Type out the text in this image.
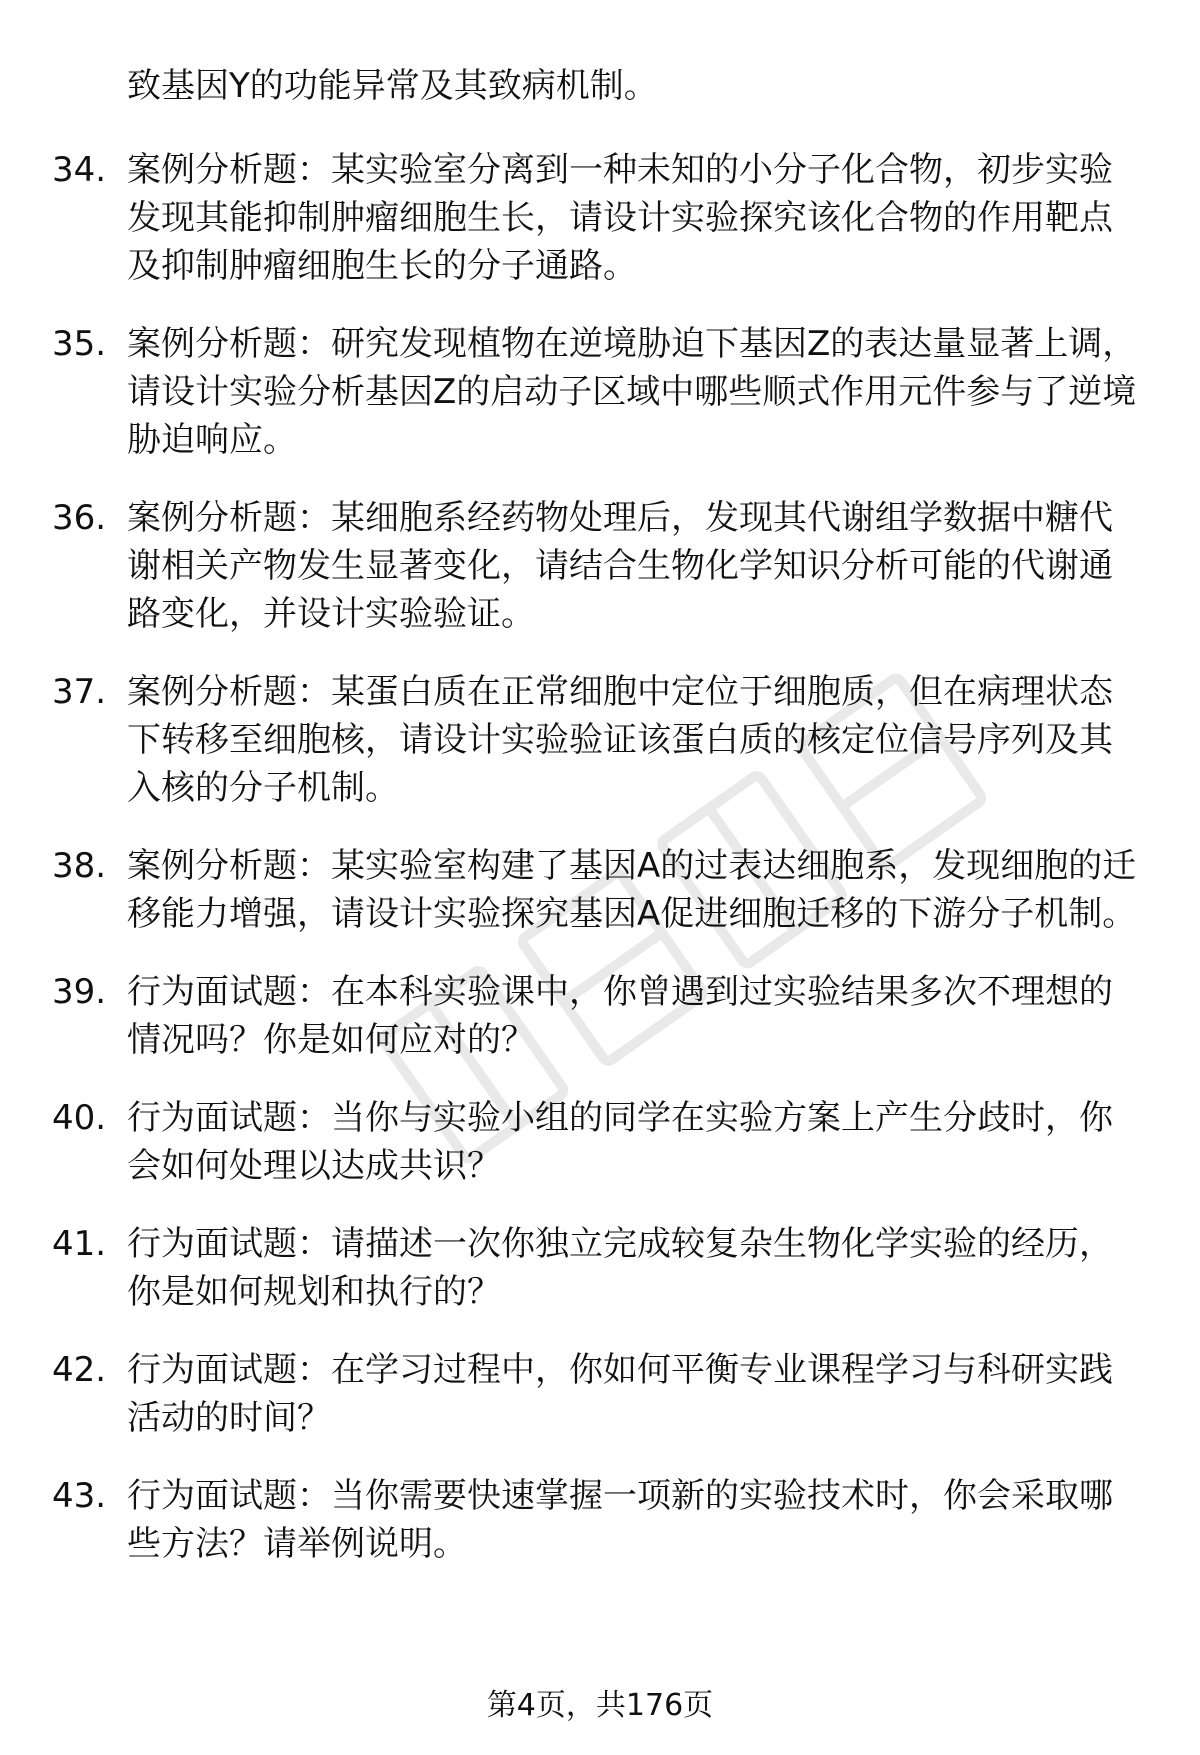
致基因Y的功能异常及其致病机制。
34. 案例分析题：某实验室分离到一种未知的小分子化合物，初步实验发现其能抑制肿瘤细胞生长，请设计实验探究该化合物的作用靶点及抑制肿瘤细胞生长的分子通路。
35. 案例分析题：研究发现植物在逆境胁迫下基因Z的表达量显著上调，请设计实验分析基因Z的启动子区域中哪些顺式作用元件参与了逆境胁迫响应。
36. 案例分析题：某细胞系经药物处理后，发现其代谢组学数据中糖代谢相关产物发生显著变化，请结合生物化学知识分析可能的代谢通路变化，并设计实验验证。
37. 案例分析题：某蛋白质在正常细胞中定位于细胞质，但在病理状态下转移至细胞核，请设计实验验证该蛋白质的核定位信号序列及其入核的分子机制。
38. 案例分析题：某实验室构建了基因A的过表达细胞系，发现细胞的迁移能力增强，请设计实验探究基因A促进细胞迁移的下游分子机制。
39. 行为面试题：在本科实验课中，你曾遇到过实验结果多次不理想的情况吗？你是如何应对的？
40. 行为面试题：当你与实验小组的同学在实验方案上产生分歧时，你会如何处理以达成共识？
41. 行为面试题：请描述一次你独立完成较复杂生物化学实验的经历，你是如何规划和执行的？
42. 行为面试题：在学习过程中，你如何平衡专业课程学习与科研实践活动的时间？
43. 行为面试题：当你需要快速掌握一项新的实验技术时，你会采取哪些方法？请举例说明。
第4页，共176页
